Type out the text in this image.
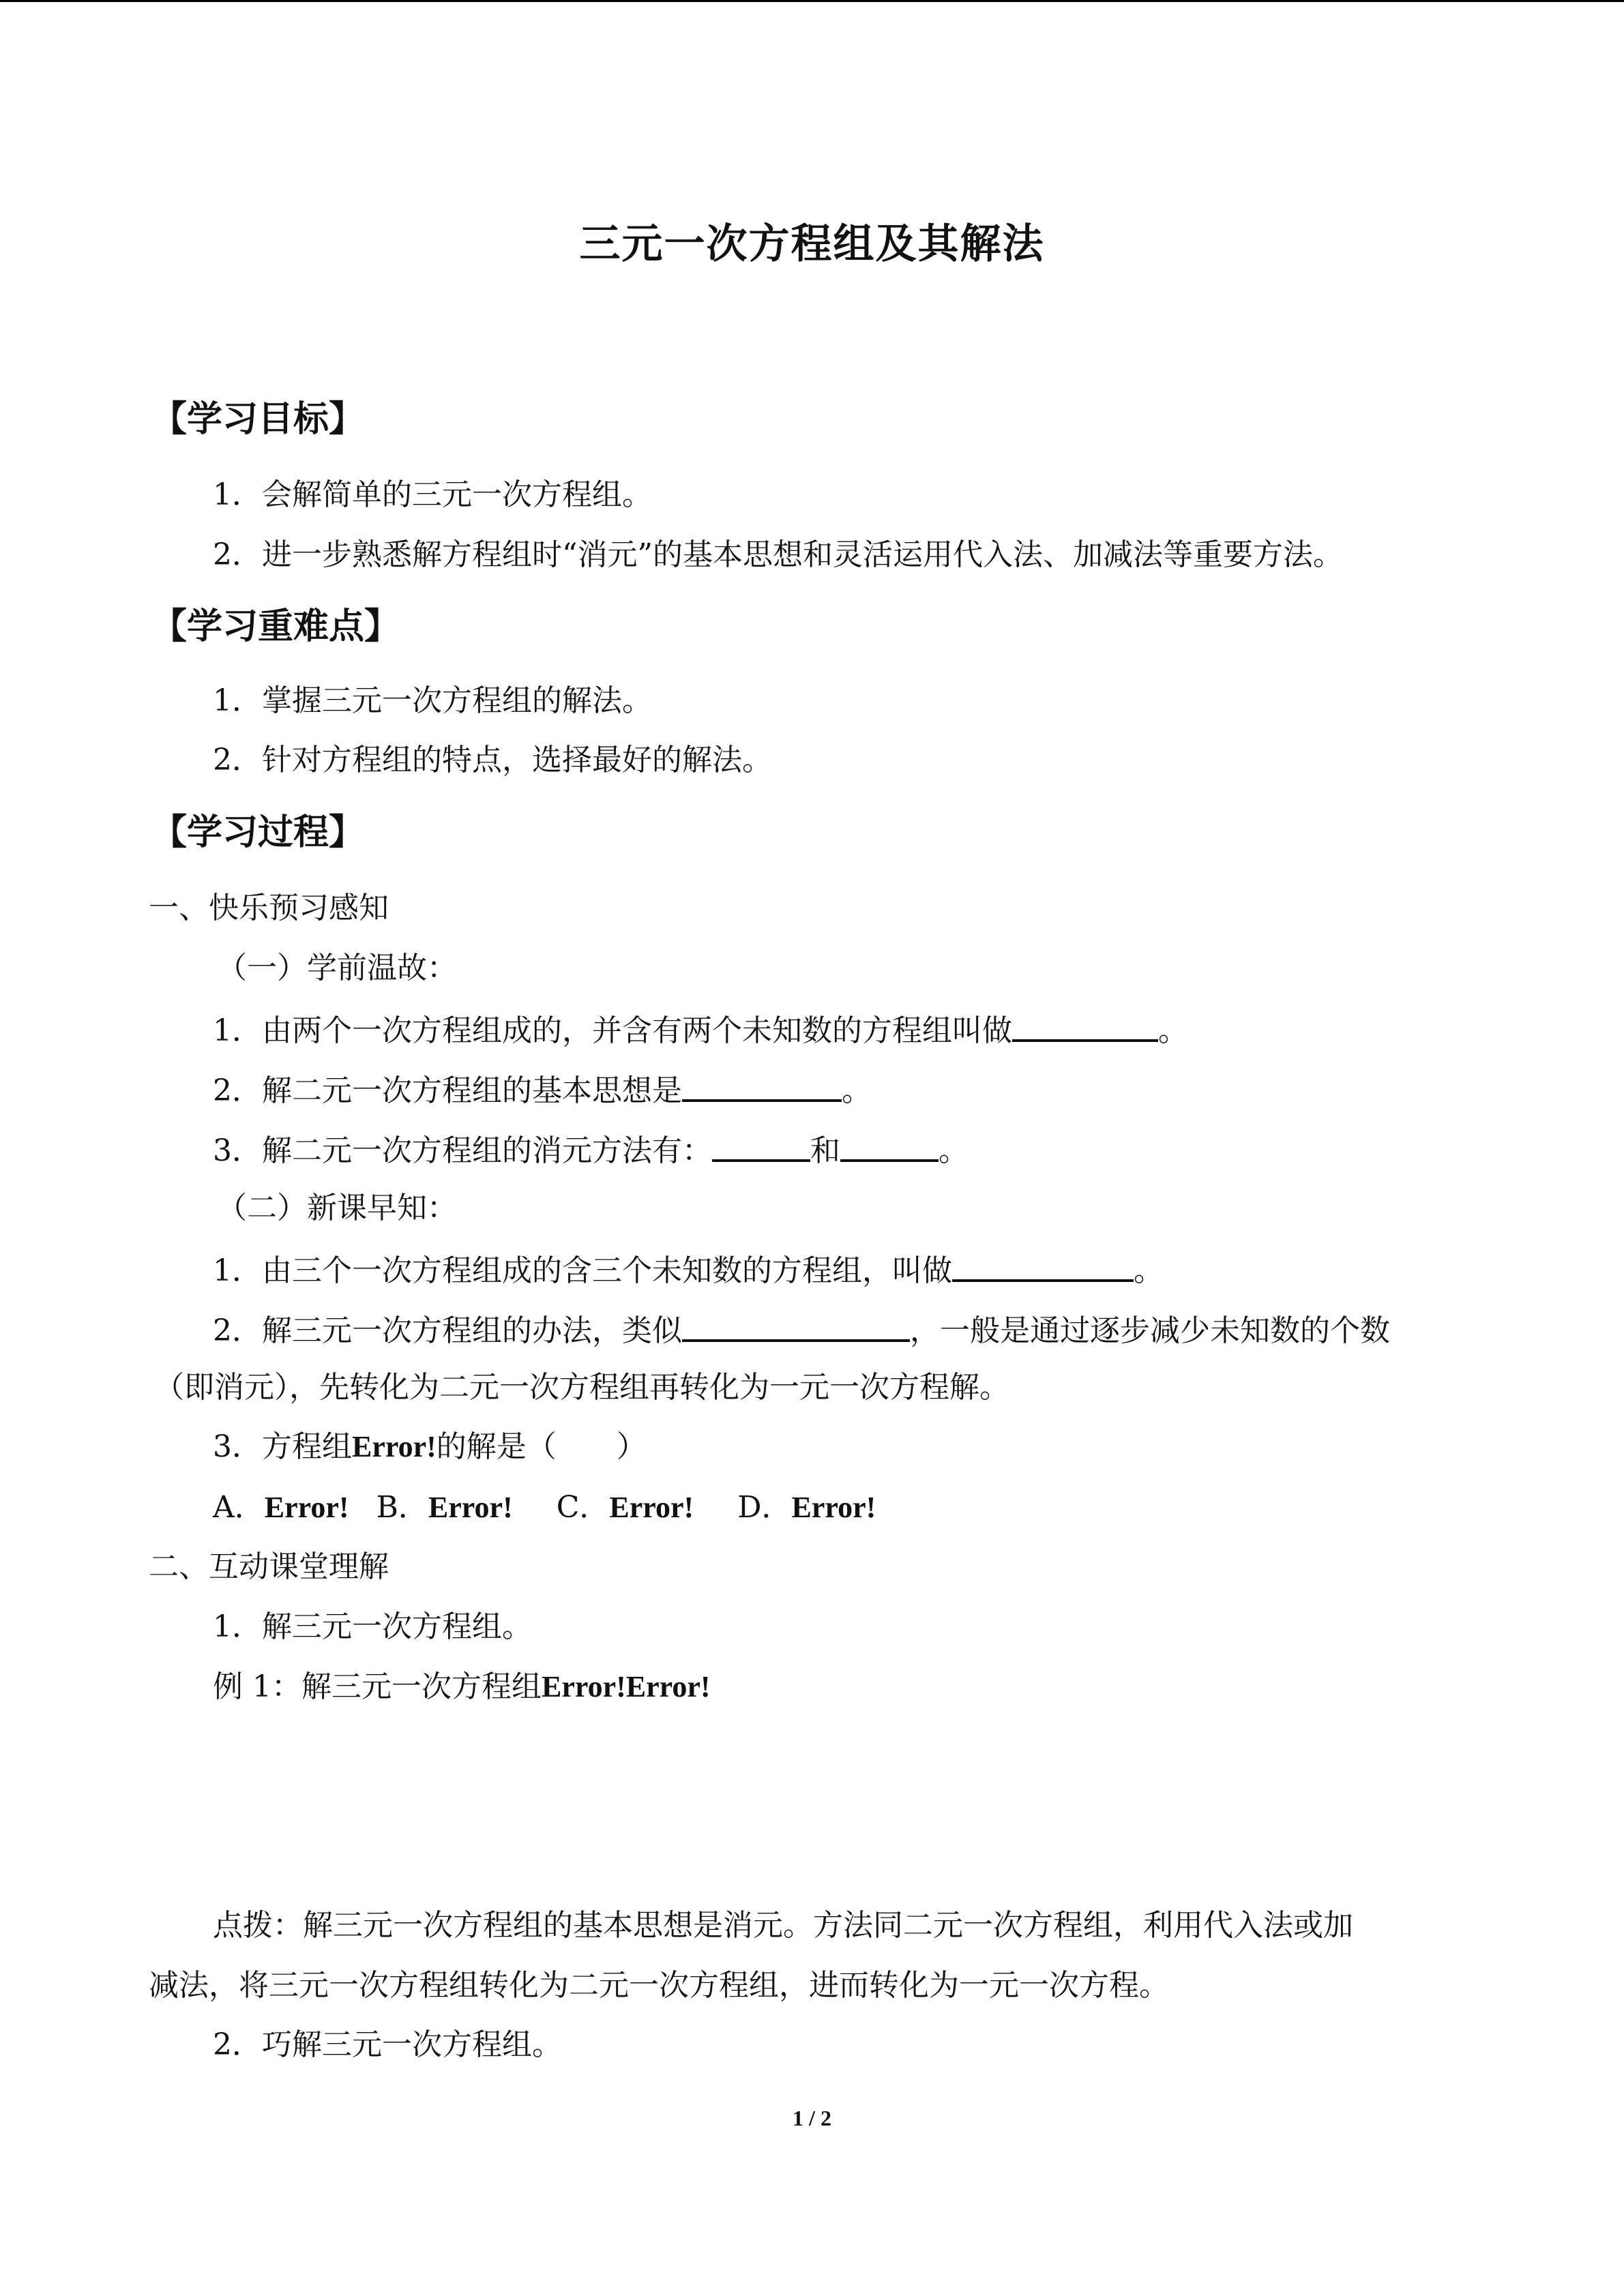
三元一次方程组及其解法
【学习目标】
1．会解简单的三元一次方程组。
2．进一步熟悉解方程组时“消元”的基本思想和灵活运用代入法、加减法等重要方法。
【学习重难点】
1．掌握三元一次方程组的解法。
2．针对方程组的特点，选择最好的解法。
【学习过程】
一、快乐预习感知
（一）学前温故：
1．由两个一次方程组成的，并含有两个未知数的方程组叫做	。
2．解二元一次方程组的基本思想是	。
3．解二元一次方程组的消元方法有：	和	。
（二）新课早知：
1．由三个一次方程组成的含三个未知数的方程组，叫做	。
2．解三元一次方程组的办法，类似	，一般是通过逐步减少未知数的个数
（即消元），先转化为二元一次方程组再转化为一元一次方程解。
3．方程组Error!的解是（　　）
A．Error! B．Error! C．Error! D．Error!
二、互动课堂理解
1．解三元一次方程组。
例 1：解三元一次方程组Error!Error!
点拨：解三元一次方程组的基本思想是消元。方法同二元一次方程组，利用代入法或加
减法，将三元一次方程组转化为二元一次方程组，进而转化为一元一次方程。
2．巧解三元一次方程组。
1 / 2
